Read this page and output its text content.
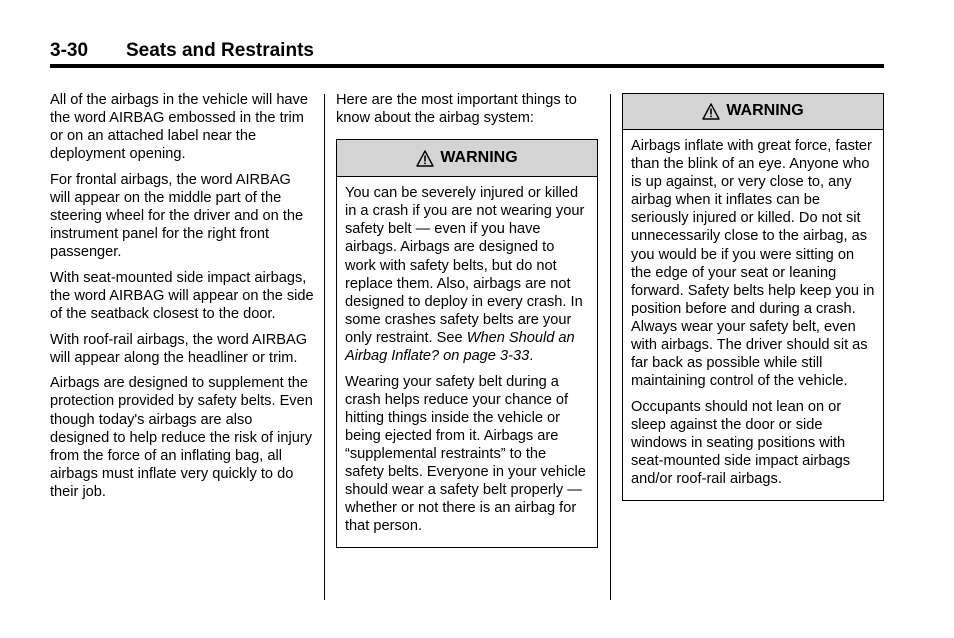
3-30 Seats and Restraints

All of the airbags in the vehicle will have the word AIRBAG embossed in the trim or on an attached label near the deployment opening.

For frontal airbags, the word AIRBAG will appear on the middle part of the steering wheel for the driver and on the instrument panel for the right front passenger.

With seat-mounted side impact airbags, the word AIRBAG will appear on the side of the seatback closest to the door.

With roof-rail airbags, the word AIRBAG will appear along the headliner or trim.

Airbags are designed to supplement the protection provided by safety belts. Even though today's airbags are also designed to help reduce the risk of injury from the force of an inflating bag, all airbags must inflate very quickly to do their job.

Here are the most important things to know about the airbag system:

WARNING

You can be severely injured or killed in a crash if you are not wearing your safety belt — even if you have airbags. Airbags are designed to work with safety belts, but do not replace them. Also, airbags are not designed to deploy in every crash. In some crashes safety belts are your only restraint. See When Should an Airbag Inflate? on page 3‑33.

Wearing your safety belt during a crash helps reduce your chance of hitting things inside the vehicle or being ejected from it. Airbags are “supplemental restraints” to the safety belts. Everyone in your vehicle should wear a safety belt properly — whether or not there is an airbag for that person.

WARNING

Airbags inflate with great force, faster than the blink of an eye. Anyone who is up against, or very close to, any airbag when it inflates can be seriously injured or killed. Do not sit unnecessarily close to the airbag, as you would be if you were sitting on the edge of your seat or leaning forward. Safety belts help keep you in position before and during a crash. Always wear your safety belt, even with airbags. The driver should sit as far back as possible while still maintaining control of the vehicle.

Occupants should not lean on or sleep against the door or side windows in seating positions with seat-mounted side impact airbags and/or roof-rail airbags.
